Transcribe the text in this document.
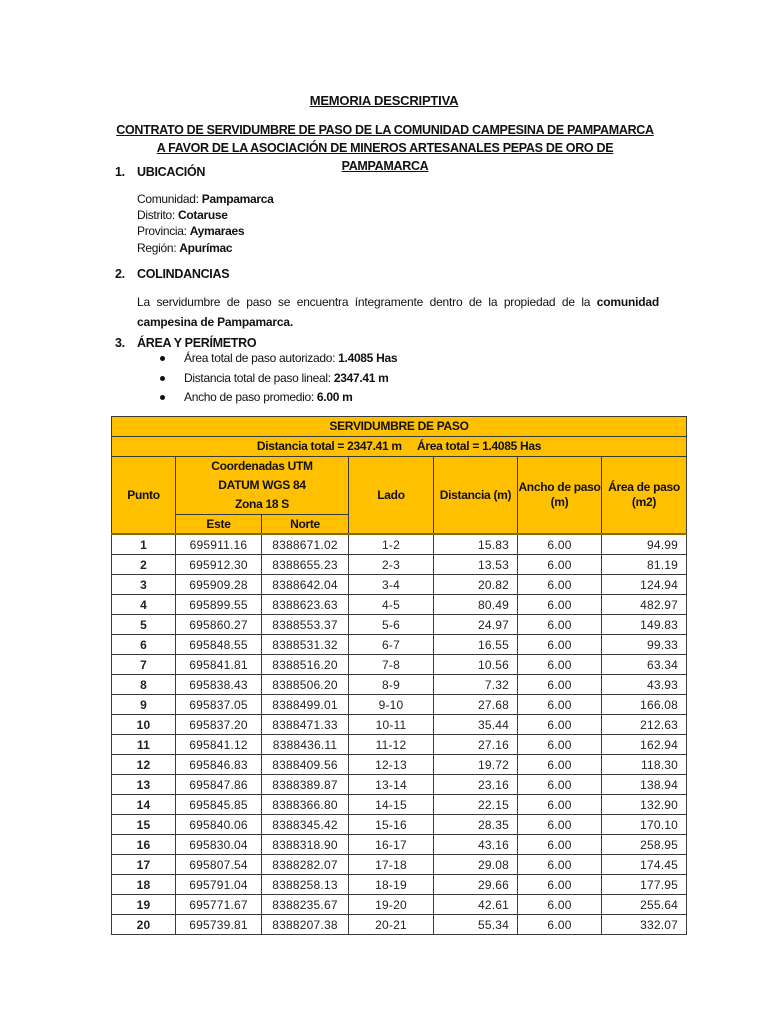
MEMORIA DESCRIPTIVA
CONTRATO DE SERVIDUMBRE DE PASO DE LA COMUNIDAD CAMPESINA DE PAMPAMARCA A FAVOR DE LA ASOCIACIÓN DE MINEROS ARTESANALES PEPAS DE ORO DE PAMPAMARCA
1. UBICACIÓN
Comunidad: Pampamarca
Distrito: Cotaruse
Provincia: Aymaraes
Región: Apurímac
2. COLINDANCIAS
La servidumbre de paso se encuentra íntegramente dentro de la propiedad de la comunidad campesina de Pampamarca.
3. ÁREA Y PERÍMETRO
Área total de paso autorizado: 1.4085 Has
Distancia total de paso lineal: 2347.41 m
Ancho de paso promedio: 6.00 m
SERVIDUMBRE DE PASO						
Distancia total = 2347.41 m     Área total = 1.4085 Has						
Punto	Coordenadas UTM
DATUM WGS 84
Zona 18 S		Lado	Distancia (m)	Ancho de paso (m)	Área de paso (m2)
	Este	Norte				
1	695911.16	8388671.02	1-2	15.83	6.00	94.99
2	695912.30	8388655.23	2-3	13.53	6.00	81.19
3	695909.28	8388642.04	3-4	20.82	6.00	124.94
4	695899.55	8388623.63	4-5	80.49	6.00	482.97
5	695860.27	8388553.37	5-6	24.97	6.00	149.83
6	695848.55	8388531.32	6-7	16.55	6.00	99.33
7	695841.81	8388516.20	7-8	10.56	6.00	63.34
8	695838.43	8388506.20	8-9	7.32	6.00	43.93
9	695837.05	8388499.01	9-10	27.68	6.00	166.08
10	695837.20	8388471.33	10-11	35.44	6.00	212.63
11	695841.12	8388436.11	11-12	27.16	6.00	162.94
12	695846.83	8388409.56	12-13	19.72	6.00	118.30
13	695847.86	8388389.87	13-14	23.16	6.00	138.94
14	695845.85	8388366.80	14-15	22.15	6.00	132.90
15	695840.06	8388345.42	15-16	28.35	6.00	170.10
16	695830.04	8388318.90	16-17	43.16	6.00	258.95
17	695807.54	8388282.07	17-18	29.08	6.00	174.45
18	695791.04	8388258.13	18-19	29.66	6.00	177.95
19	695771.67	8388235.67	19-20	42.61	6.00	255.64
20	695739.81	8388207.38	20-21	55.34	6.00	332.07
